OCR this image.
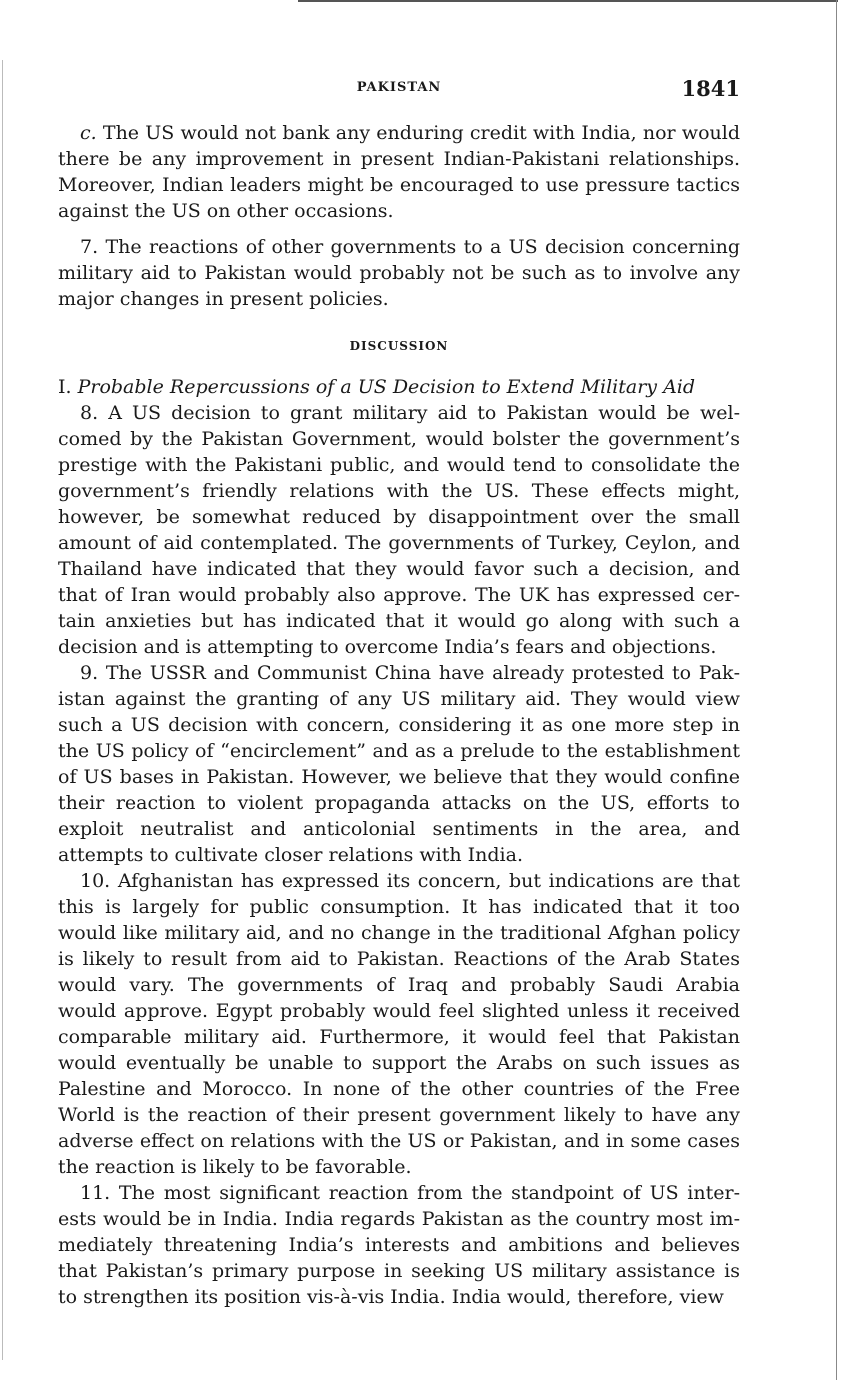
PAKISTAN	1841

c. The US would not bank any enduring credit with India, nor would there be any improvement in present Indian-Pakistani relationships. Moreover, Indian leaders might be encouraged to use pressure tactics against the US on other occasions.

7. The reactions of other governments to a US decision concerning military aid to Pakistan would probably not be such as to involve any major changes in present policies.

DISCUSSION

I. Probable Repercussions of a US Decision to Extend Military Aid

8. A US decision to grant military aid to Pakistan would be welcomed by the Pakistan Government, would bolster the government’s prestige with the Pakistani public, and would tend to consolidate the government’s friendly relations with the US. These effects might, however, be somewhat reduced by disappointment over the small amount of aid contemplated. The governments of Turkey, Ceylon, and Thailand have indicated that they would favor such a decision, and that of Iran would probably also approve. The UK has expressed certain anxieties but has indicated that it would go along with such a decision and is attempting to overcome India’s fears and objections.

9. The USSR and Communist China have already protested to Pakistan against the granting of any US military aid. They would view such a US decision with concern, considering it as one more step in the US policy of “encirclement” and as a prelude to the establishment of US bases in Pakistan. However, we believe that they would confine their reaction to violent propaganda attacks on the US, efforts to exploit neutralist and anticolonial sentiments in the area, and attempts to cultivate closer relations with India.

10. Afghanistan has expressed its concern, but indications are that this is largely for public consumption. It has indicated that it too would like military aid, and no change in the traditional Afghan policy is likely to result from aid to Pakistan. Reactions of the Arab States would vary. The governments of Iraq and probably Saudi Arabia would approve. Egypt probably would feel slighted unless it received comparable military aid. Furthermore, it would feel that Pakistan would eventually be unable to support the Arabs on such issues as Palestine and Morocco. In none of the other countries of the Free World is the reaction of their present government likely to have any adverse effect on relations with the US or Pakistan, and in some cases the reaction is likely to be favorable.

11. The most significant reaction from the standpoint of US interests would be in India. India regards Pakistan as the country most immediately threatening India’s interests and ambitions and believes that Pakistan’s primary purpose in seeking US military assistance is to strengthen its position vis-à-vis India. India would, therefore, view
